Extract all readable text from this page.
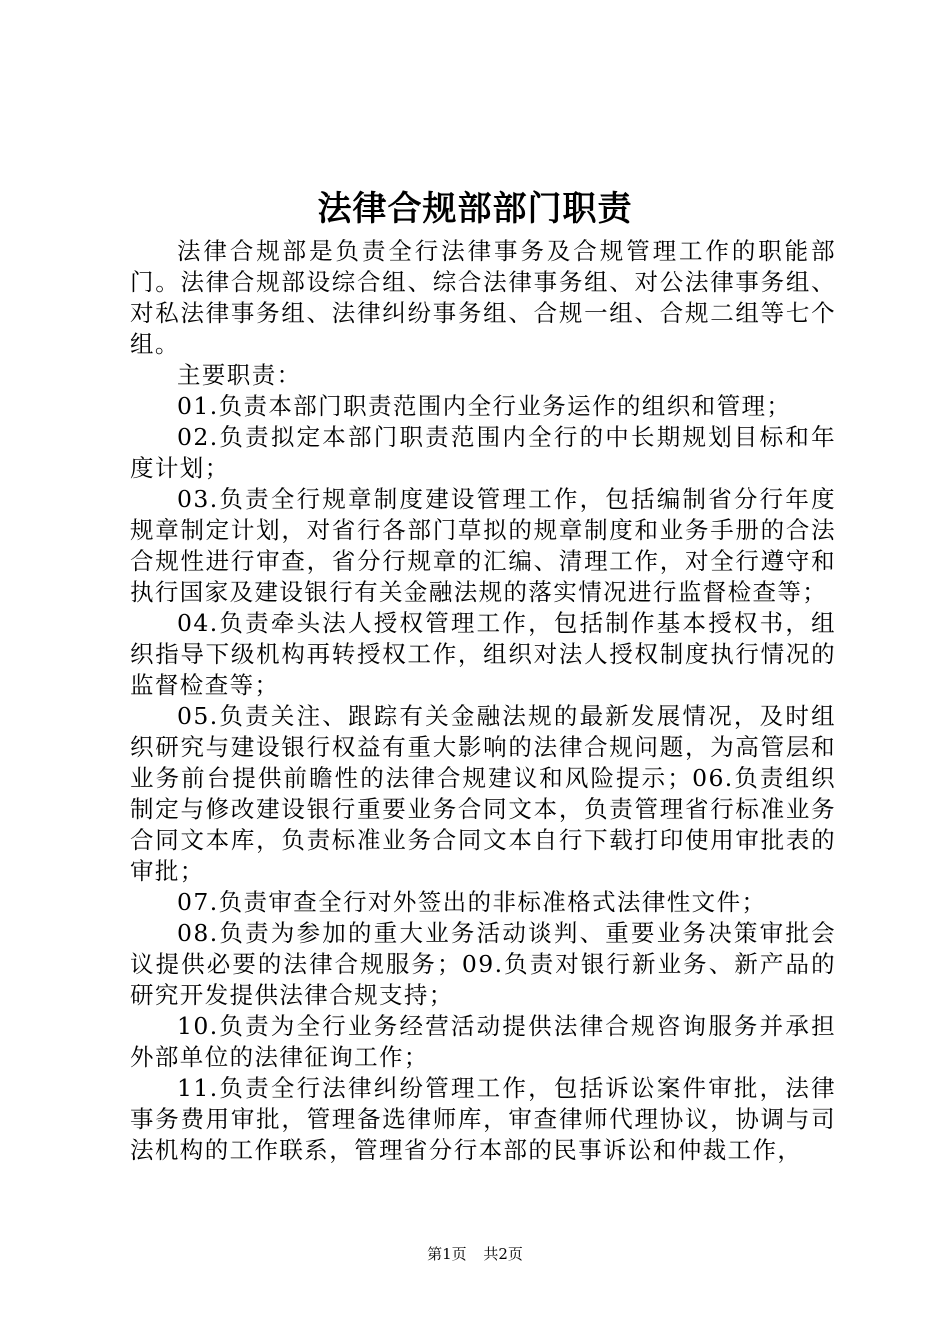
法律合规部部门职责

法律合规部是负责全行法律事务及合规管理工作的职能部门。法律合规部设综合组、综合法律事务组、对公法律事务组、对私法律事务组、法律纠纷事务组、合规一组、合规二组等七个组。

主要职责：

01.负责本部门职责范围内全行业务运作的组织和管理；

02.负责拟定本部门职责范围内全行的中长期规划目标和年度计划；

03.负责全行规章制度建设管理工作，包括编制省分行年度规章制定计划，对省行各部门草拟的规章制度和业务手册的合法合规性进行审查，省分行规章的汇编、清理工作，对全行遵守和执行国家及建设银行有关金融法规的落实情况进行监督检查等；

04.负责牵头法人授权管理工作，包括制作基本授权书，组织指导下级机构再转授权工作，组织对法人授权制度执行情况的监督检查等；

05.负责关注、跟踪有关金融法规的最新发展情况，及时组织研究与建设银行权益有重大影响的法律合规问题，为高管层和业务前台提供前瞻性的法律合规建议和风险提示；06.负责组织制定与修改建设银行重要业务合同文本，负责管理省行标准业务合同文本库，负责标准业务合同文本自行下载打印使用审批表的审批；

07.负责审查全行对外签出的非标准格式法律性文件；

08.负责为参加的重大业务活动谈判、重要业务决策审批会议提供必要的法律合规服务；09.负责对银行新业务、新产品的研究开发提供法律合规支持；

10.负责为全行业务经营活动提供法律合规咨询服务并承担外部单位的法律征询工作；

11.负责全行法律纠纷管理工作，包括诉讼案件审批，法律事务费用审批，管理备选律师库，审查律师代理协议，协调与司法机构的工作联系，管理省分行本部的民事诉讼和仲裁工作，

第1页 共2页
